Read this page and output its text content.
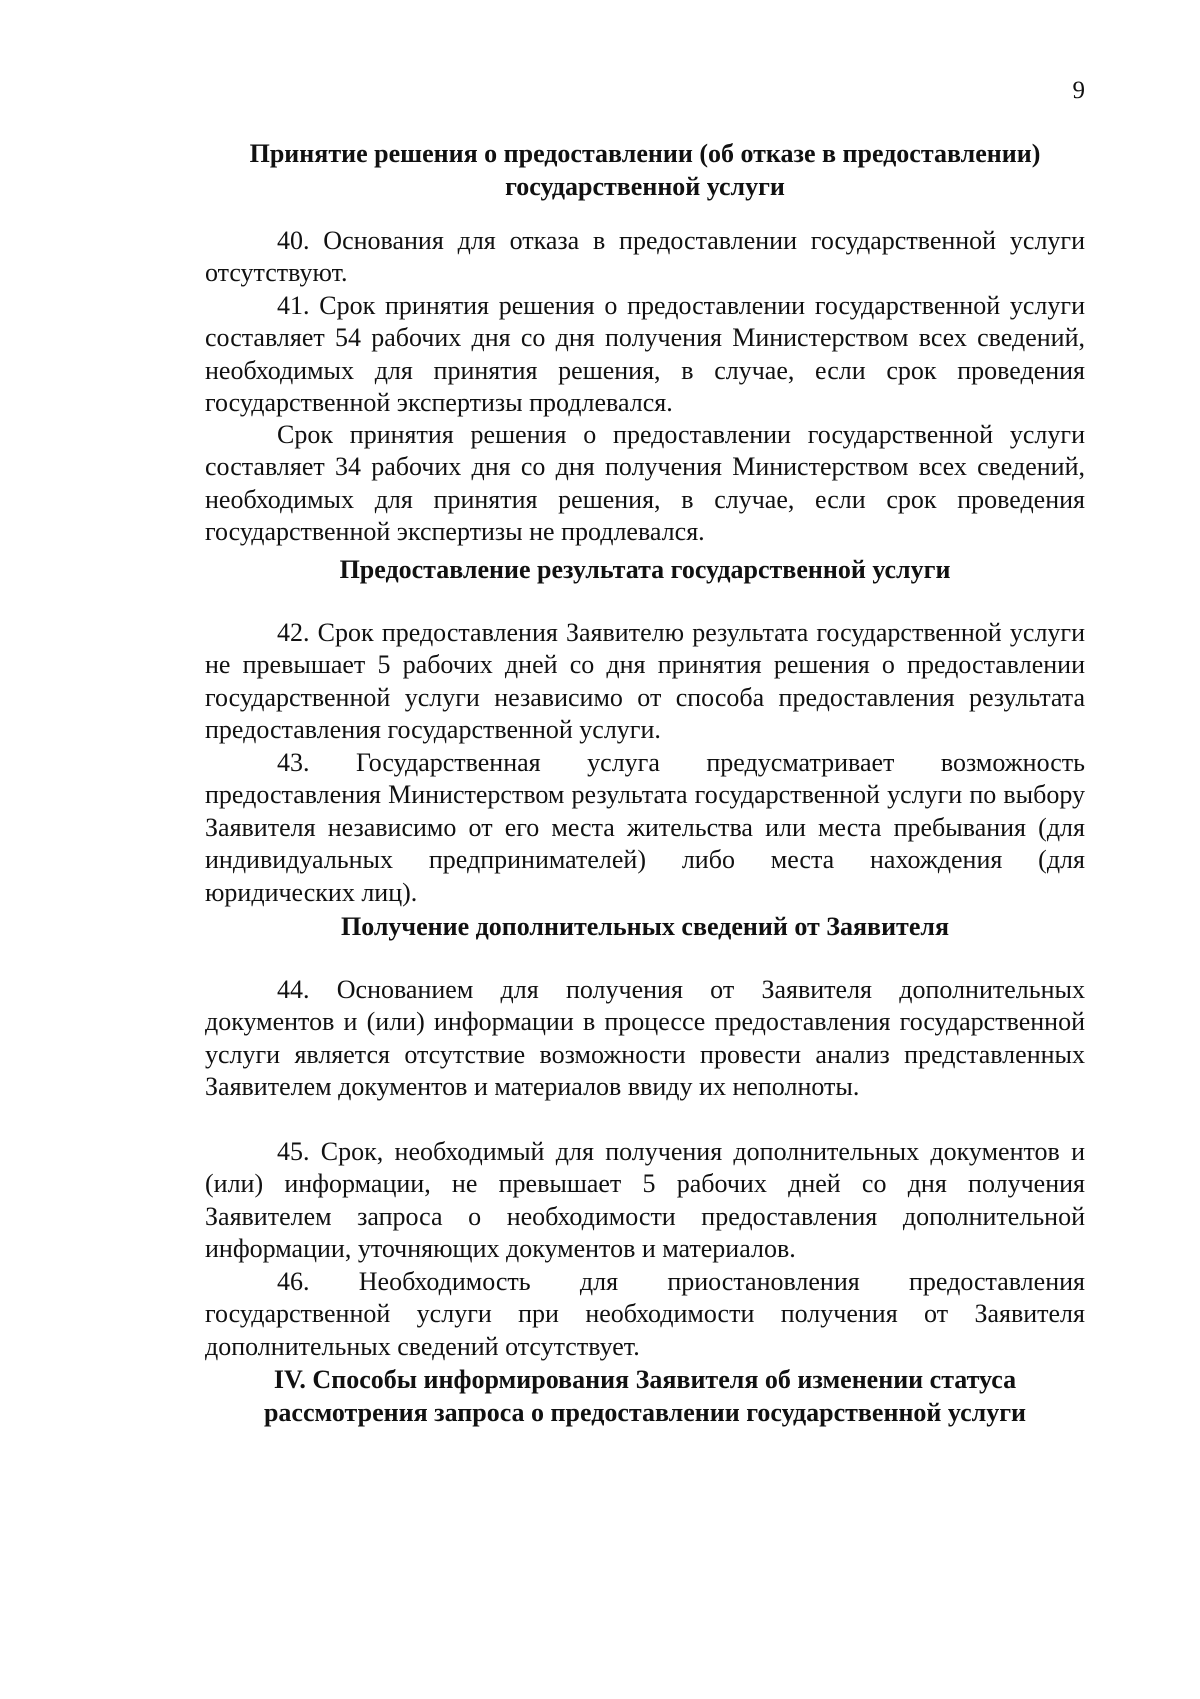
9
Принятие решения о предоставлении (об отказе в предоставлении) государственной услуги

40. Основания для отказа в предоставлении государственной услуги отсутствуют.

41. Срок принятия решения о предоставлении государственной услуги составляет 54 рабочих дня со дня получения Министерством всех сведений, необходимых для принятия решения, в случае, если срок проведения государственной экспертизы продлевался.

Срок принятия решения о предоставлении государственной услуги составляет 34 рабочих дня со дня получения Министерством всех сведений, необходимых для принятия решения, в случае, если срок проведения государственной экспертизы не продлевался.

Предоставление результата государственной услуги

42. Срок предоставления Заявителю результата государственной услуги не превышает 5 рабочих дней со дня принятия решения о предоставлении государственной услуги независимо от способа предоставления результата предоставления государственной услуги.

43. Государственная услуга предусматривает возможность предоставления Министерством результата государственной услуги по выбору Заявителя независимо от его места жительства или места пребывания (для индивидуальных предпринимателей) либо места нахождения (для юридических лиц).

Получение дополнительных сведений от Заявителя

44. Основанием для получения от Заявителя дополнительных документов и (или) информации в процессе предоставления государственной услуги является отсутствие возможности провести анализ представленных Заявителем документов и материалов ввиду их неполноты.

45. Срок, необходимый для получения дополнительных документов и (или) информации, не превышает 5 рабочих дней со дня получения Заявителем запроса о необходимости предоставления дополнительной информации, уточняющих документов и материалов.

46. Необходимость для приостановления предоставления государственной услуги при необходимости получения от Заявителя дополнительных сведений отсутствует.

IV. Способы информирования Заявителя об изменении статуса рассмотрения запроса о предоставлении государственной услуги
